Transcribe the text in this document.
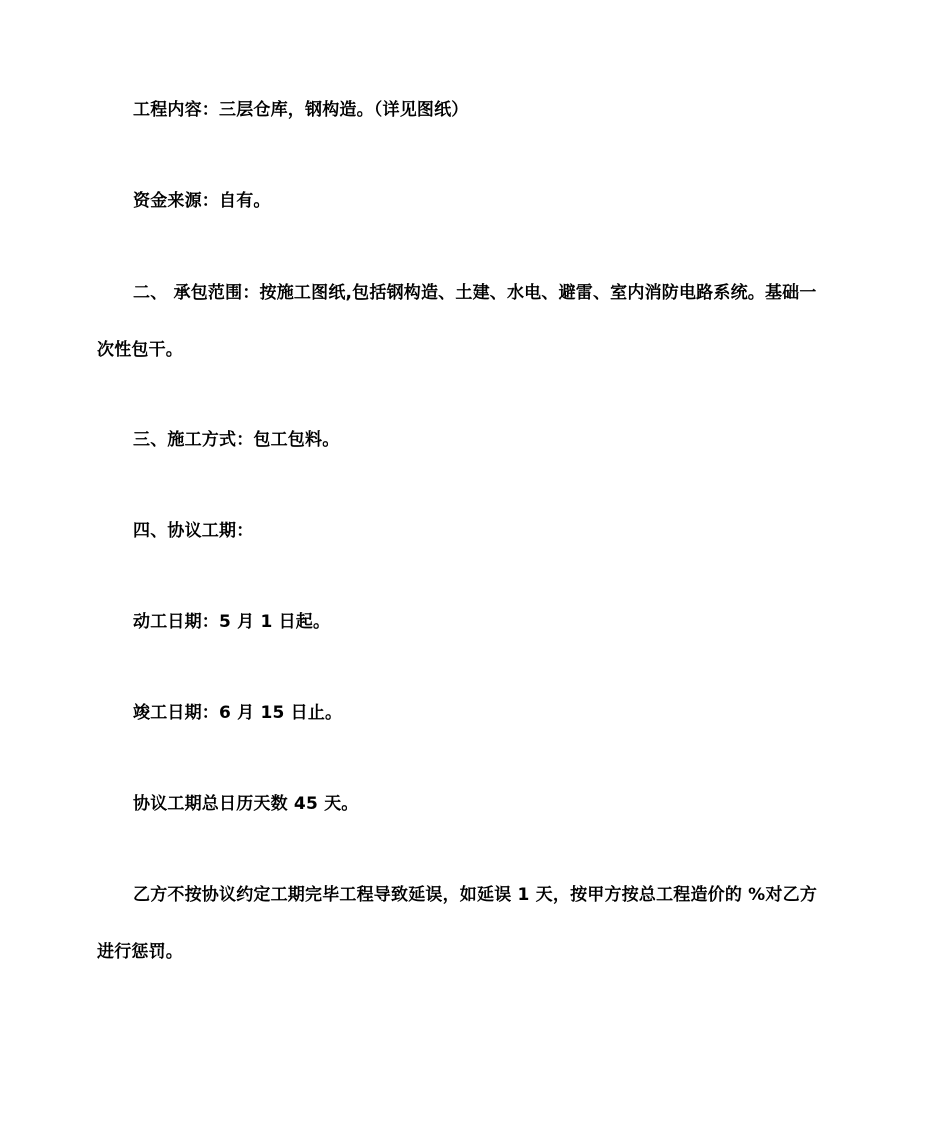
工程内容：三层仓库，钢构造。（详见图纸）

资金来源：自有。

二、 承包范围：按施工图纸,包括钢构造、土建、水电、避雷、室内消防电路系统。基础一

次性包干。

三、施工方式：包工包料。

四、协议工期：

动工日期：5 月 1 日起。

竣工日期：6 月 15 日止。

协议工期总日历天数 45 天。

乙方不按协议约定工期完毕工程导致延误，如延误 1 天，按甲方按总工程造价的 %对乙方

进行惩罚。
